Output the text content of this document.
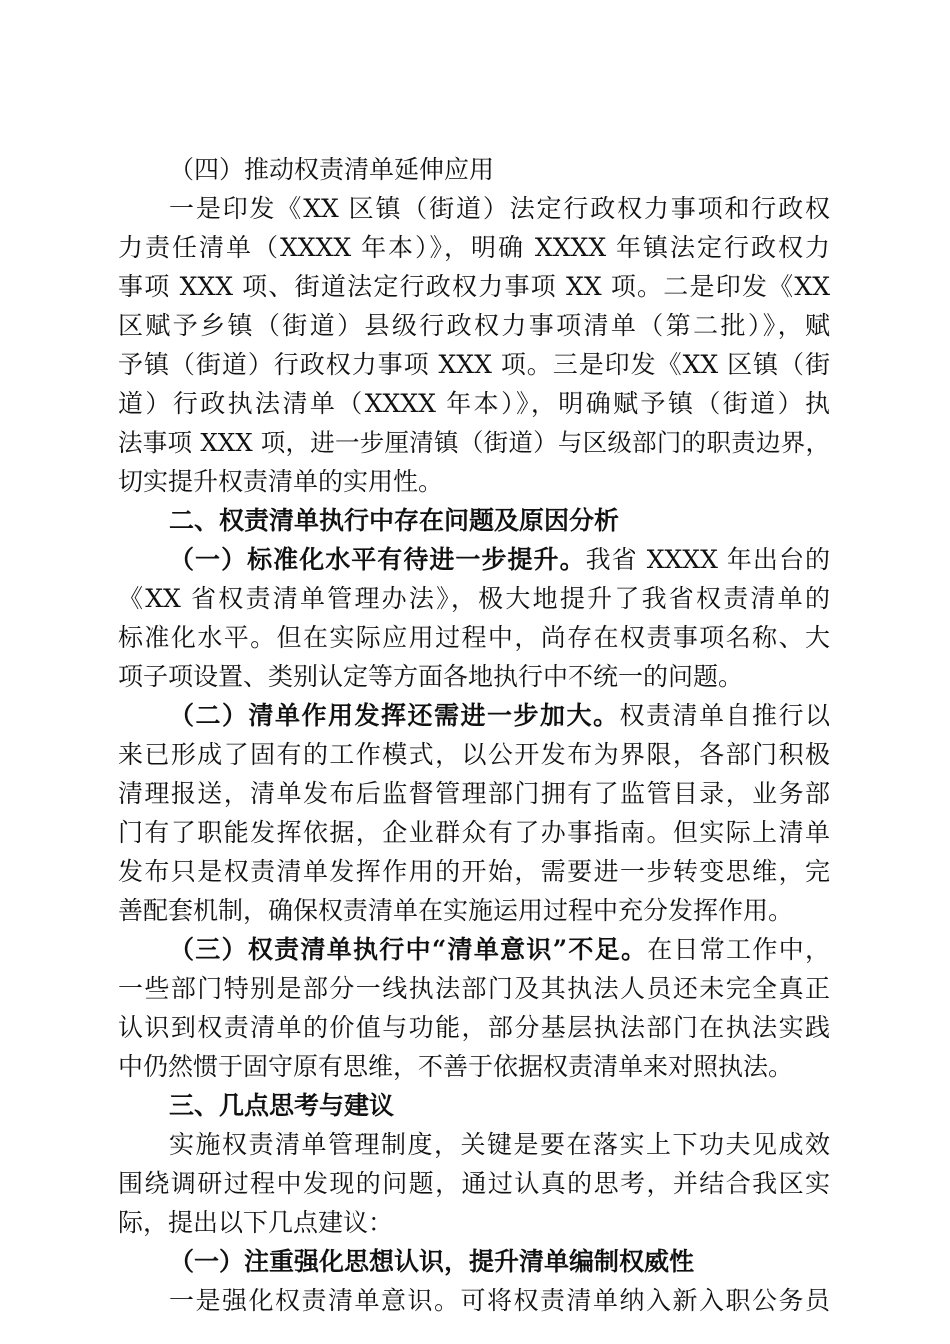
（四）推动权责清单延伸应用
一是印发《XX 区镇（街道）法定行政权力事项和行政权
力责任清单（XXXX 年本）》，明确 XXXX 年镇法定行政权力
事项 XXX 项、街道法定行政权力事项 XX 项。二是印发《XX
区赋予乡镇（街道）县级行政权力事项清单（第二批）》，赋
予镇（街道）行政权力事项 XXX 项。三是印发《XX 区镇（街
道）行政执法清单（XXXX 年本）》，明确赋予镇（街道）执
法事项 XXX 项，进一步厘清镇（街道）与区级部门的职责边界，
切实提升权责清单的实用性。
二、权责清单执行中存在问题及原因分析
（一）标准化水平有待进一步提升。我省 XXXX 年出台的
《XX 省权责清单管理办法》，极大地提升了我省权责清单的
标准化水平。但在实际应用过程中，尚存在权责事项名称、大
项子项设置、类别认定等方面各地执行中不统一的问题。
（二）清单作用发挥还需进一步加大。权责清单自推行以
来已形成了固有的工作模式，以公开发布为界限，各部门积极
清理报送，清单发布后监督管理部门拥有了监管目录，业务部
门有了职能发挥依据，企业群众有了办事指南。但实际上清单
发布只是权责清单发挥作用的开始，需要进一步转变思维，完
善配套机制，确保权责清单在实施运用过程中充分发挥作用。
（三）权责清单执行中“清单意识”不足。在日常工作中，
一些部门特别是部分一线执法部门及其执法人员还未完全真正
认识到权责清单的价值与功能，部分基层执法部门在执法实践
中仍然惯于固守原有思维，不善于依据权责清单来对照执法。
三、几点思考与建议
实施权责清单管理制度，关键是要在落实上下功夫见成效
围绕调研过程中发现的问题，通过认真的思考，并结合我区实
际，提出以下几点建议：
（一）注重强化思想认识，提升清单编制权威性
一是强化权责清单意识。可将权责清单纳入新入职公务员
